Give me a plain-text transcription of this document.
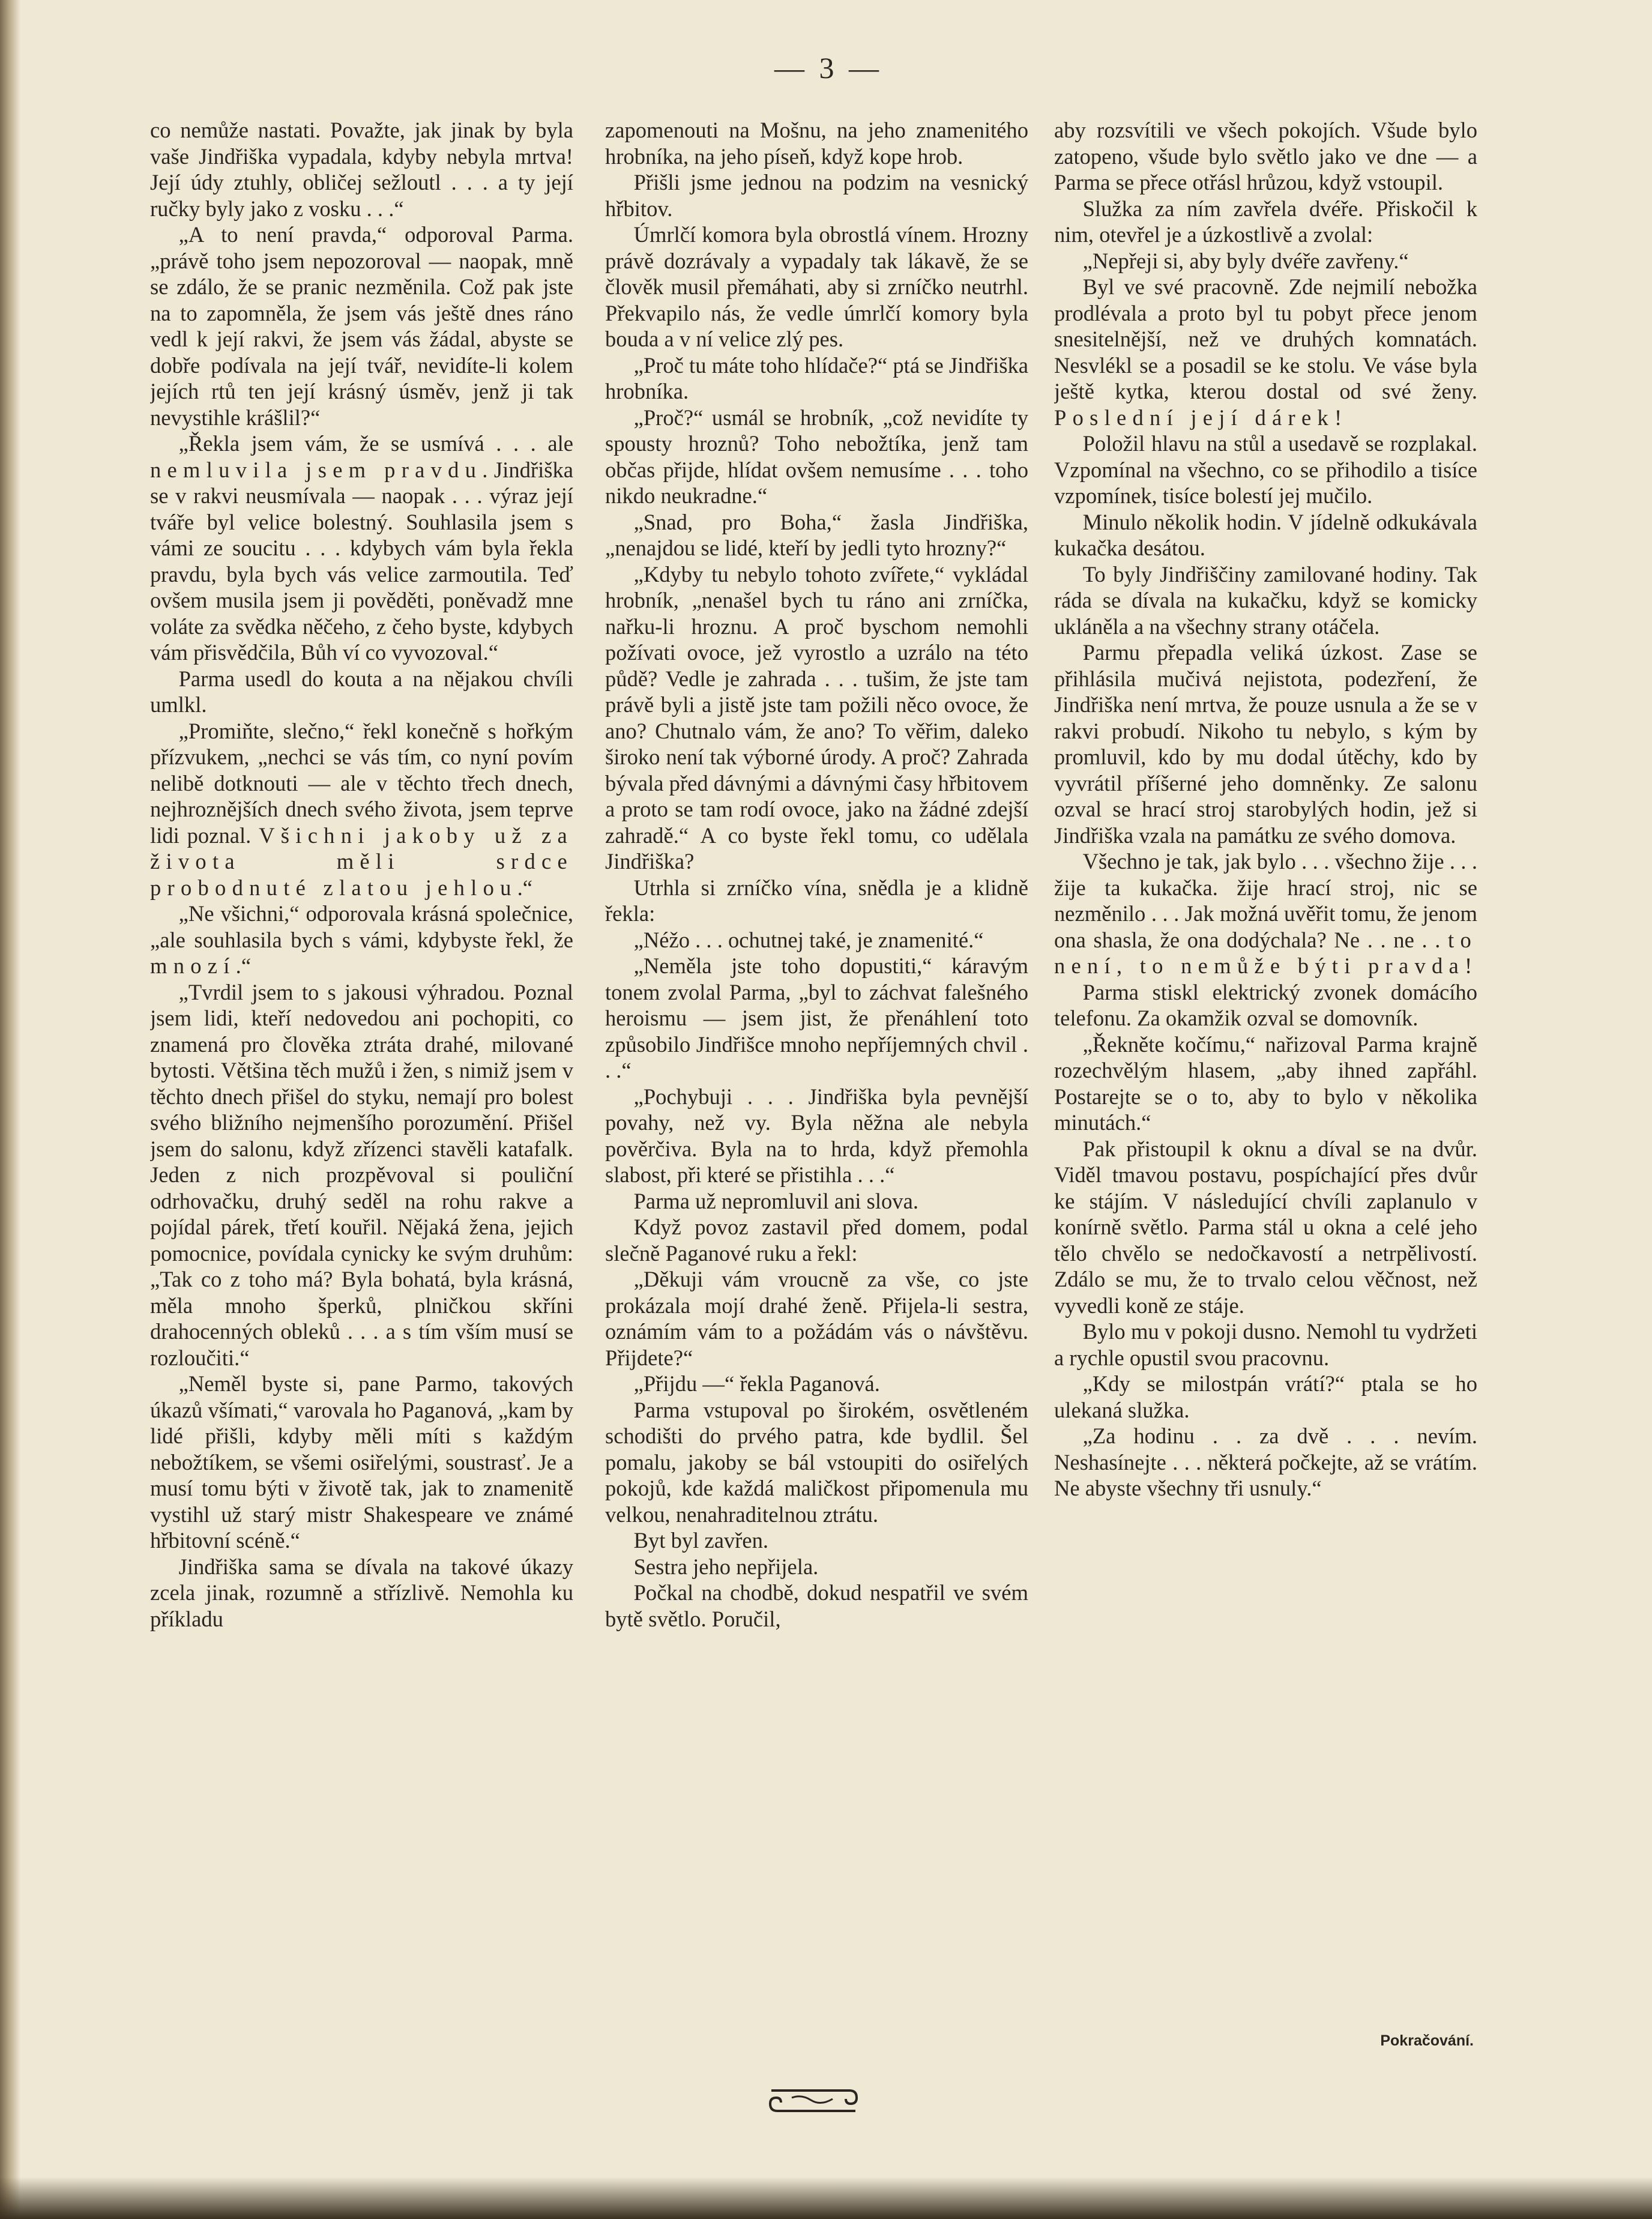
— 3 —

co nemůže nastati. Považte, jak jinak by byla vaše Jindřiška vypadala, kdyby nebyla mrtva! Její údy ztuhly, obličej sežloutl . . . a ty její ručky byly jako z vosku . . .“

„A to není pravda,“ odporoval Parma. „právě toho jsem nepozoroval — naopak, mně se zdálo, že se pranic nezměnila. Což pak jste na to zapomněla, že jsem vás ještě dnes ráno vedl k její rakvi, že jsem vás žádal, abyste se dobře podívala na její tvář, nevidíte-li kolem jejích rtů ten její krásný úsměv, jenž ji tak nevystihle krášlil?“

„Řekla jsem vám, že se usmívá . . . ale nemluvila jsem pravdu. Jindřiška se v rakvi neusmívala — naopak . . . výraz její tváře byl velice bolestný. Souhlasila jsem s vámi ze soucitu . . . kdybych vám byla řekla pravdu, byla bych vás velice zarmoutila. Teď ovšem musila jsem ji pověděti, poněvadž mne voláte za svědka něčeho, z čeho byste, kdybych vám přisvědčila, Bůh ví co vyvozoval.“

Parma usedl do kouta a na nějakou chvíli umlkl.

„Promiňte, slečno,“ řekl konečně s hořkým přízvukem, „nechci se vás tím, co nyní povím nelibě dotknouti — ale v těchto třech dnech, nejhroznějších dnech svého života, jsem teprve lidi poznal. Všichni jakoby už za života měli srdce probodnuté zlatou jehlou.“

„Ne všichni,“ odporovala krásná společnice, „ale souhlasila bych s vámi, kdybyste řekl, že mnozí.“

„Tvrdil jsem to s jakousi výhradou. Poznal jsem lidi, kteří nedovedou ani pochopiti, co znamená pro člověka ztráta drahé, milované bytosti. Většina těch mužů i žen, s nimiž jsem v těchto dnech přišel do styku, nemají pro bolest svého bližního nejmenšího porozumění. Přišel jsem do salonu, když zřízenci stavěli katafalk. Jeden z nich prozpěvoval si pouliční odrhovačku, druhý seděl na rohu rakve a pojídal párek, třetí kouřil. Nějaká žena, jejich pomocnice, povídala cynicky ke svým druhům: „Tak co z toho má? Byla bohatá, byla krásná, měla mnoho šperků, plničkou skříni drahocenných obleků . . . a s tím vším musí se rozloučiti.“

„Neměl byste si, pane Parmo, takových úkazů všímati,“ varovala ho Paganová, „kam by lidé přišli, kdyby měli míti s každým nebožtíkem, se všemi osiřelými, soustrasť. Je a musí tomu býti v životě tak, jak to znamenitě vystihl už starý mistr Shakespeare ve známé hřbitovní scéně.“

Jindřiška sama se dívala na takové úkazy zcela jinak, rozumně a střízlivě. Nemohla ku příkladu

zapomenouti na Mošnu, na jeho znamenitého hrobníka, na jeho píseň, když kope hrob.

Přišli jsme jednou na podzim na vesnický hřbitov.

Úmrlčí komora byla obrostlá vínem. Hrozny právě dozrávaly a vypadaly tak lákavě, že se člověk musil přemáhati, aby si zrníčko neutrhl. Překvapilo nás, že vedle úmrlčí komory byla bouda a v ní velice zlý pes.

„Proč tu máte toho hlídače?“ ptá se Jindřiška hrobníka.

„Proč?“ usmál se hrobník, „což nevidíte ty spousty hroznů? Toho nebožtíka, jenž tam občas přijde, hlídat ovšem nemusíme . . . toho nikdo neukradne.“

„Snad, pro Boha,“ žasla Jindřiška, „nenajdou se lidé, kteří by jedli tyto hrozny?“

„Kdyby tu nebylo tohoto zvířete,“ vykládal hrobník, „nenašel bych tu ráno ani zrníčka, nařku-li hroznu. A proč byschom nemohli požívati ovoce, jež vyrostlo a uzrálo na této půdě? Vedle je zahrada . . . tušim, že jste tam právě byli a jistě jste tam požili něco ovoce, že ano? Chutnalo vám, že ano? To věřim, daleko široko není tak výborné úrody. A proč? Zahrada bývala před dávnými a dávnými časy hřbitovem a proto se tam rodí ovoce, jako na žádné zdejší zahradě.“ A co byste řekl tomu, co udělala Jindřiška?

Utrhla si zrníčko vína, snědla je a klidně řekla:

„Néžo . . . ochutnej také, je znamenité.“

„Neměla jste toho dopustiti,“ káravým tonem zvolal Parma, „byl to záchvat falešného heroismu — jsem jist, že přenáhlení toto způsobilo Jindřišce mnoho nepříjemných chvil . . .“

„Pochybuji . . . Jindřiška byla pevnější povahy, než vy. Byla něžna ale nebyla pověrčiva. Byla na to hrda, když přemohla slabost, při které se přistihla . . .“

Parma už nepromluvil ani slova.

Když povoz zastavil před domem, podal slečně Paganové ruku a řekl:

„Děkuji vám vroucně za vše, co jste prokázala mojí drahé ženě. Přijela-li sestra, oznámím vám to a požádám vás o návštěvu. Přijdete?“

„Přijdu —“ řekla Paganová.

Parma vstupoval po širokém, osvětleném schodišti do prvého patra, kde bydlil. Šel pomalu, jakoby se bál vstoupiti do osiřelých pokojů, kde každá maličkost připomenula mu velkou, nenahraditelnou ztrátu.

Byt byl zavřen.

Sestra jeho nepřijela.

Počkal na chodbě, dokud nespatřil ve svém bytě světlo. Poručil,

aby rozsvítili ve všech pokojích. Všude bylo zatopeno, všude bylo světlo jako ve dne — a Parma se přece otřásl hrůzou, když vstoupil.

Služka za ním zavřela dvéře. Přiskočil k nim, otevřel je a úzkostlivě a zvolal:

„Nepřeji si, aby byly dvéře zavřeny.“

Byl ve své pracovně. Zde nejmilí nebožka prodlévala a proto byl tu pobyt přece jenom snesitelnější, než ve druhých komnatách. Nesvlékl se a posadil se ke stolu. Ve váse byla ještě kytka, kterou dostal od své ženy. Poslední její dárek!

Položil hlavu na stůl a usedavě se rozplakal. Vzpomínal na všechno, co se přihodilo a tisíce vzpomínek, tisíce bolestí jej mučilo.

Minulo několik hodin. V jídelně odkukávala kukačka desátou.

To byly Jindřiščiny zamilované hodiny. Tak ráda se dívala na kukačku, když se komicky ukláněla a na všechny strany otáčela.

Parmu přepadla veliká úzkost. Zase se přihlásila mučivá nejistota, podezření, že Jindřiška není mrtva, že pouze usnula a že se v rakvi probudí. Nikoho tu nebylo, s kým by promluvil, kdo by mu dodal útěchy, kdo by vyvrátil příšerné jeho domněnky. Ze salonu ozval se hrací stroj starobylých hodin, jež si Jindřiška vzala na památku ze svého domova.

Všechno je tak, jak bylo . . . všechno žije . . . žije ta kukačka. žije hrací stroj, nic se nezměnilo . . . Jak možná uvěřit tomu, že jenom ona shasla, že ona dodýchala? Ne . . ne . . to není, to nemůže býti pravda!

Parma stiskl elektrický zvonek domácího telefonu. Za okamžik ozval se domovník.

„Řekněte kočímu,“ nařizoval Parma krajně rozechvělým hlasem, „aby ihned zapřáhl. Postarejte se o to, aby to bylo v několika minutách.“

Pak přistoupil k oknu a díval se na dvůr. Viděl tmavou postavu, pospíchající přes dvůr ke stájím. V následující chvíli zaplanulo v konírně světlo. Parma stál u okna a celé jeho tělo chvělo se nedočkavostí a netrpělivostí. Zdálo se mu, že to trvalo celou věčnost, než vyvedli koně ze stáje.

Bylo mu v pokoji dusno. Nemohl tu vydržeti a rychle opustil svou pracovnu.

„Kdy se milostpán vrátí?“ ptala se ho ulekaná služka.

„Za hodinu . . za dvě . . . nevím. Neshasínejte . . . některá počkejte, až se vrátím. Ne abyste všechny tři usnuly.“

Pokračování.
